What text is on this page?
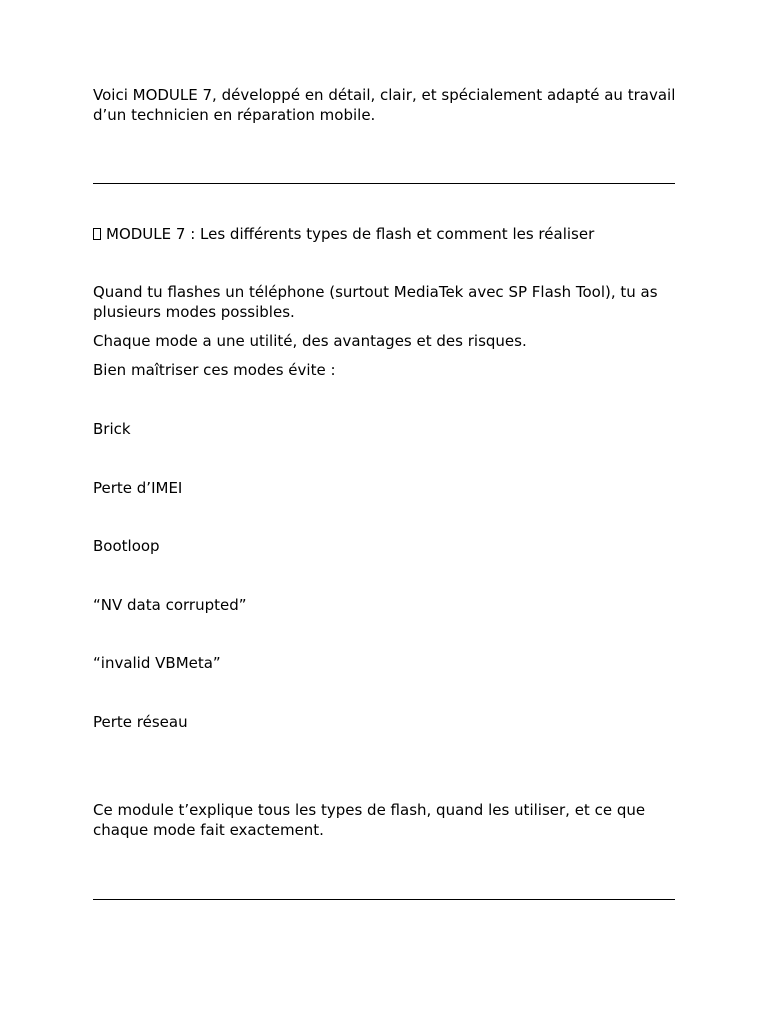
Voici MODULE 7, développé en détail, clair, et spécialement adapté au travail d’un technicien en réparation mobile.

MODULE 7 : Les différents types de flash et comment les réaliser

Quand tu flashes un téléphone (surtout MediaTek avec SP Flash Tool), tu as plusieurs modes possibles.

Chaque mode a une utilité, des avantages et des risques.

Bien maîtriser ces modes évite :

Brick

Perte d’IMEI

Bootloop

“NV data corrupted”

“invalid VBMeta”

Perte réseau

Ce module t’explique tous les types de flash, quand les utiliser, et ce que chaque mode fait exactement.
